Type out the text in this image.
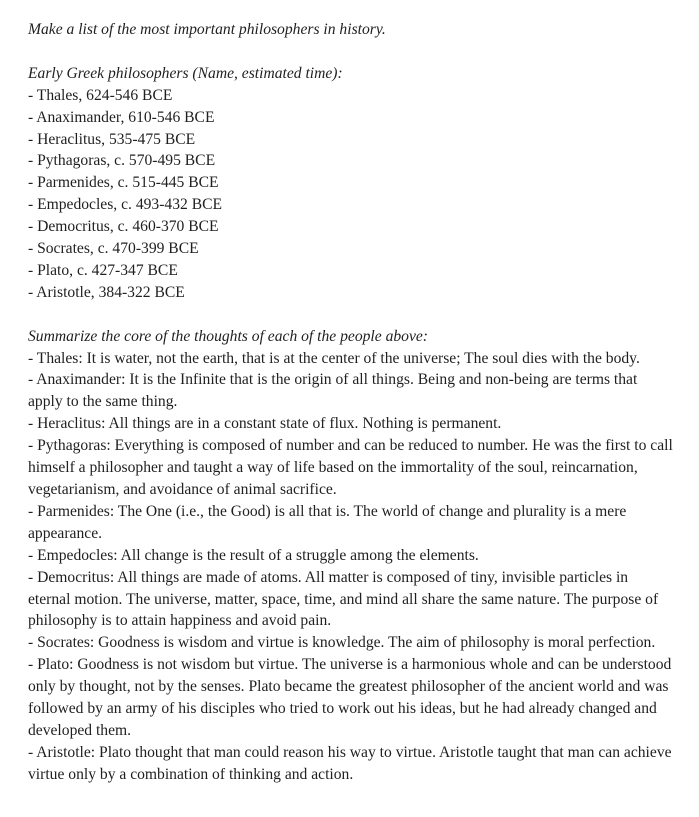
Make a list of the most important philosophers in history.

Early Greek philosophers (Name, estimated time):

- Thales, 624-546 BCE
- Anaximander, 610-546 BCE
- Heraclitus, 535-475 BCE
- Pythagoras, c. 570-495 BCE
- Parmenides, c. 515-445 BCE
- Empedocles, c. 493-432 BCE
- Democritus, c. 460-370 BCE
- Socrates, c. 470-399 BCE
- Plato, c. 427-347 BCE
- Aristotle, 384-322 BCE

Summarize the core of the thoughts of each of the people above:

- Thales: It is water, not the earth, that is at the center of the universe; The soul dies with the body.
- Anaximander: It is the Infinite that is the origin of all things. Being and non-being are terms that apply to the same thing.
- Heraclitus: All things are in a constant state of flux. Nothing is permanent.
- Pythagoras: Everything is composed of number and can be reduced to number. He was the first to call himself a philosopher and taught a way of life based on the immortality of the soul, reincarnation, vegetarianism, and avoidance of animal sacrifice.
- Parmenides: The One (i.e., the Good) is all that is. The world of change and plurality is a mere appearance.
- Empedocles: All change is the result of a struggle among the elements.
- Democritus: All things are made of atoms. All matter is composed of tiny, invisible particles in eternal motion. The universe, matter, space, time, and mind all share the same nature. The purpose of philosophy is to attain happiness and avoid pain.
- Socrates: Goodness is wisdom and virtue is knowledge. The aim of philosophy is moral perfection.
- Plato: Goodness is not wisdom but virtue. The universe is a harmonious whole and can be understood only by thought, not by the senses. Plato became the greatest philosopher of the ancient world and was followed by an army of his disciples who tried to work out his ideas, but he had already changed and developed them.
- Aristotle: Plato thought that man could reason his way to virtue. Aristotle taught that man can achieve virtue only by a combination of thinking and action.
